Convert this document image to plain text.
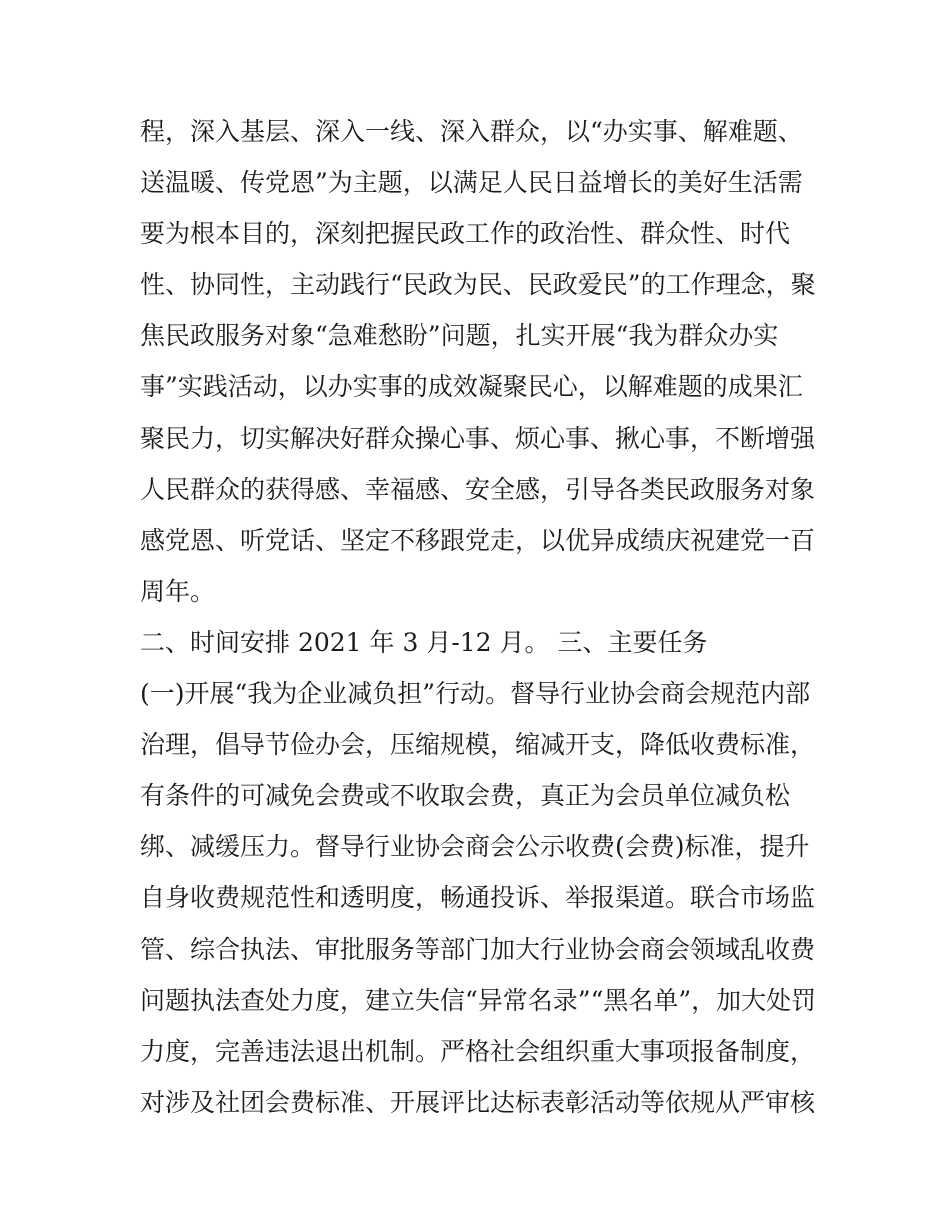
程，深入基层、深入一线、深入群众，以“办实事、解难题、
送温暖、传党恩”为主题，以满足人民日益增长的美好生活需
要为根本目的，深刻把握民政工作的政治性、群众性、时代
性、协同性，主动践行“民政为民、民政爱民”的工作理念，聚
焦民政服务对象“急难愁盼”问题，扎实开展“我为群众办实
事”实践活动，以办实事的成效凝聚民心，以解难题的成果汇
聚民力，切实解决好群众操心事、烦心事、揪心事，不断增强
人民群众的获得感、幸福感、安全感，引导各类民政服务对象
感党恩、听党话、坚定不移跟党走，以优异成绩庆祝建党一百
周年。
二、时间安排 2021 年 3 月-12 月。 三、主要任务
(一)开展“我为企业减负担”行动。督导行业协会商会规范内部
治理，倡导节俭办会，压缩规模，缩减开支，降低收费标准，
有条件的可减免会费或不收取会费，真正为会员单位减负松
绑、减缓压力。督导行业协会商会公示收费(会费)标准，提升
自身收费规范性和透明度，畅通投诉、举报渠道。联合市场监
管、综合执法、审批服务等部门加大行业协会商会领域乱收费
问题执法查处力度，建立失信“异常名录”“黑名单”，加大处罚
力度，完善违法退出机制。严格社会组织重大事项报备制度，
对涉及社团会费标准、开展评比达标表彰活动等依规从严审核
